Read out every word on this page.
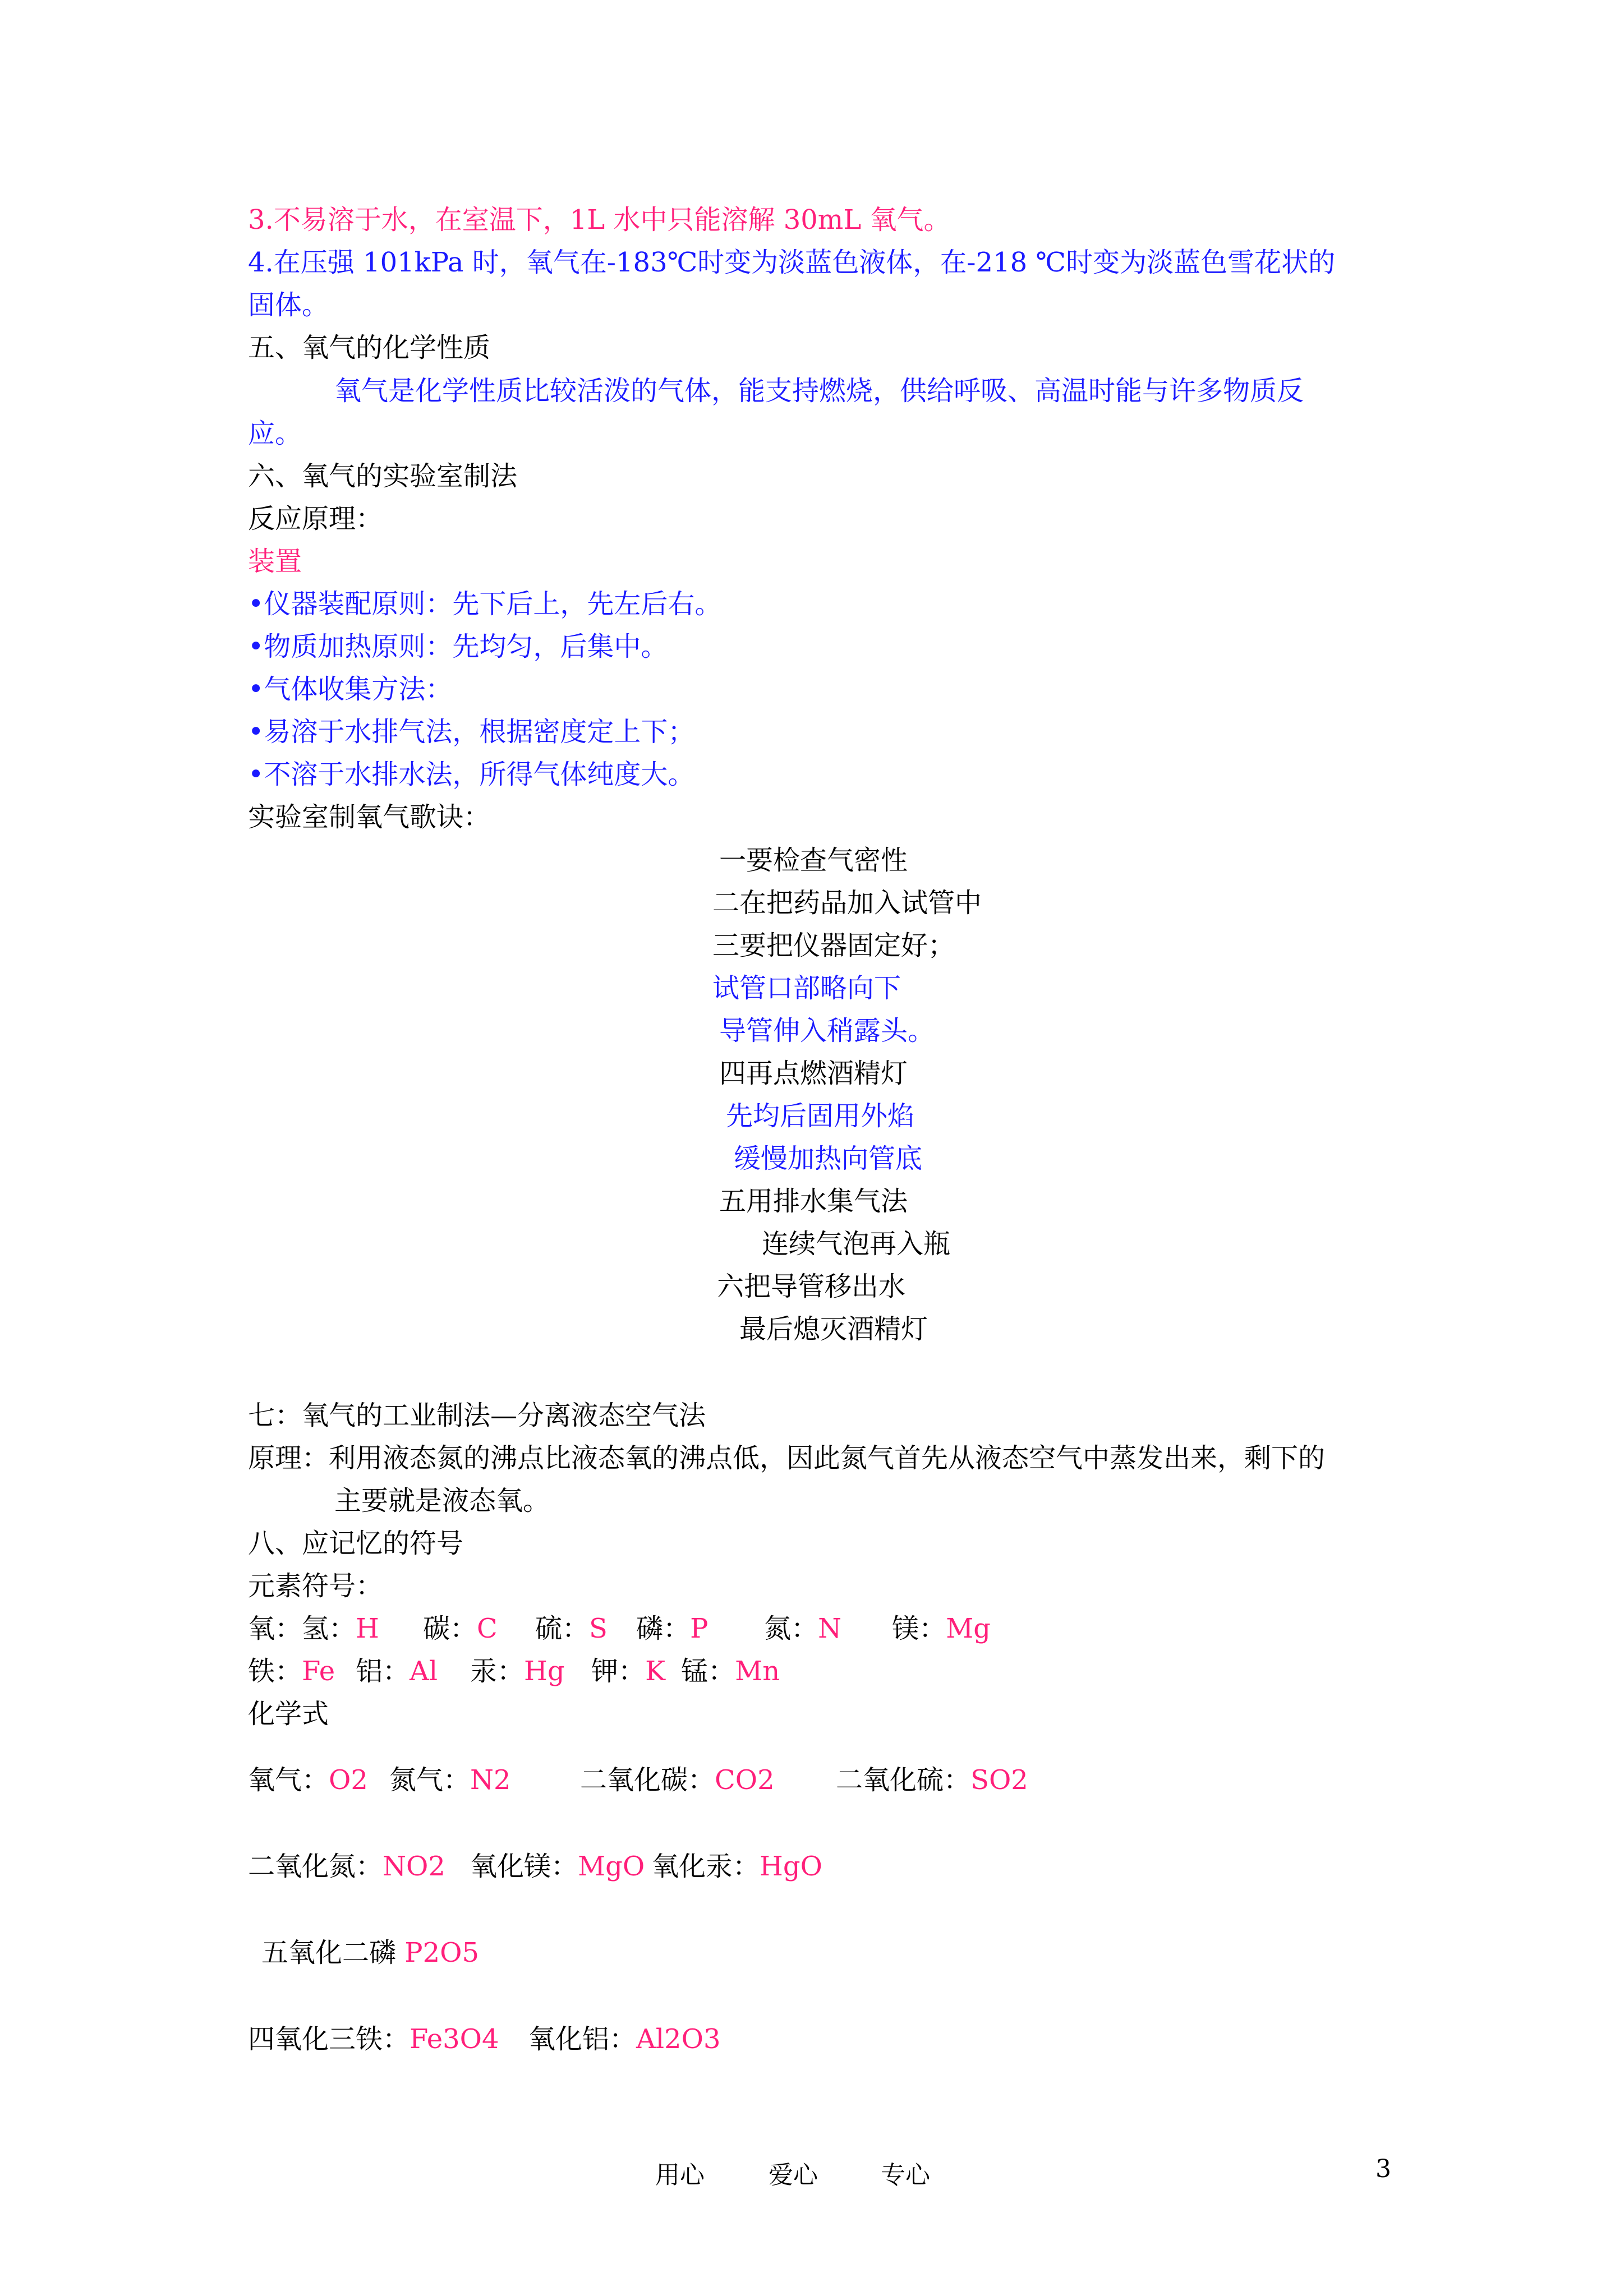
3.不易溶于水，在室温下，1L 水中只能溶解 30mL 氧气。
4.在压强 101kPa 时，氧气在-183℃时变为淡蓝色液体，在-218 ℃时变为淡蓝色雪花状的
固体。
五、氧气的化学性质
氧气是化学性质比较活泼的气体，能支持燃烧，供给呼吸、高温时能与许多物质反
应。
六、氧气的实验室制法
反应原理：
装置
•仪器装配原则：先下后上，先左后右。
•物质加热原则：先均匀，后集中。
•气体收集方法：
•易溶于水排气法，根据密度定上下；
•不溶于水排水法，所得气体纯度大。
实验室制氧气歌诀：
一要检查气密性
二在把药品加入试管中
三要把仪器固定好；
试管口部略向下
导管伸入稍露头。
四再点燃酒精灯
先均后固用外焰
缓慢加热向管底
五用排水集气法
连续气泡再入瓶
六把导管移出水
最后熄灭酒精灯
七：氧气的工业制法—分离液态空气法
原理：利用液态氮的沸点比液态氧的沸点低，因此氮气首先从液态空气中蒸发出来，剩下的
主要就是液态氧。
八、应记忆的符号
元素符号：
氧：氢：H 碳：C 硫：S 磷：P 氮：N 镁：Mg
铁：Fe 铝：Al 汞：Hg 钾：K 锰：Mn
化学式
氧气：O2 氮气：N2	二氧化碳：CO2 二氧化硫：SO2
二氧化氮：NO2 氧化镁：MgO 氧化汞：HgO
五氧化二磷 P2O5
四氧化三铁：Fe3O4 氧化铝：Al2O3
用心	爱心	专心	3
